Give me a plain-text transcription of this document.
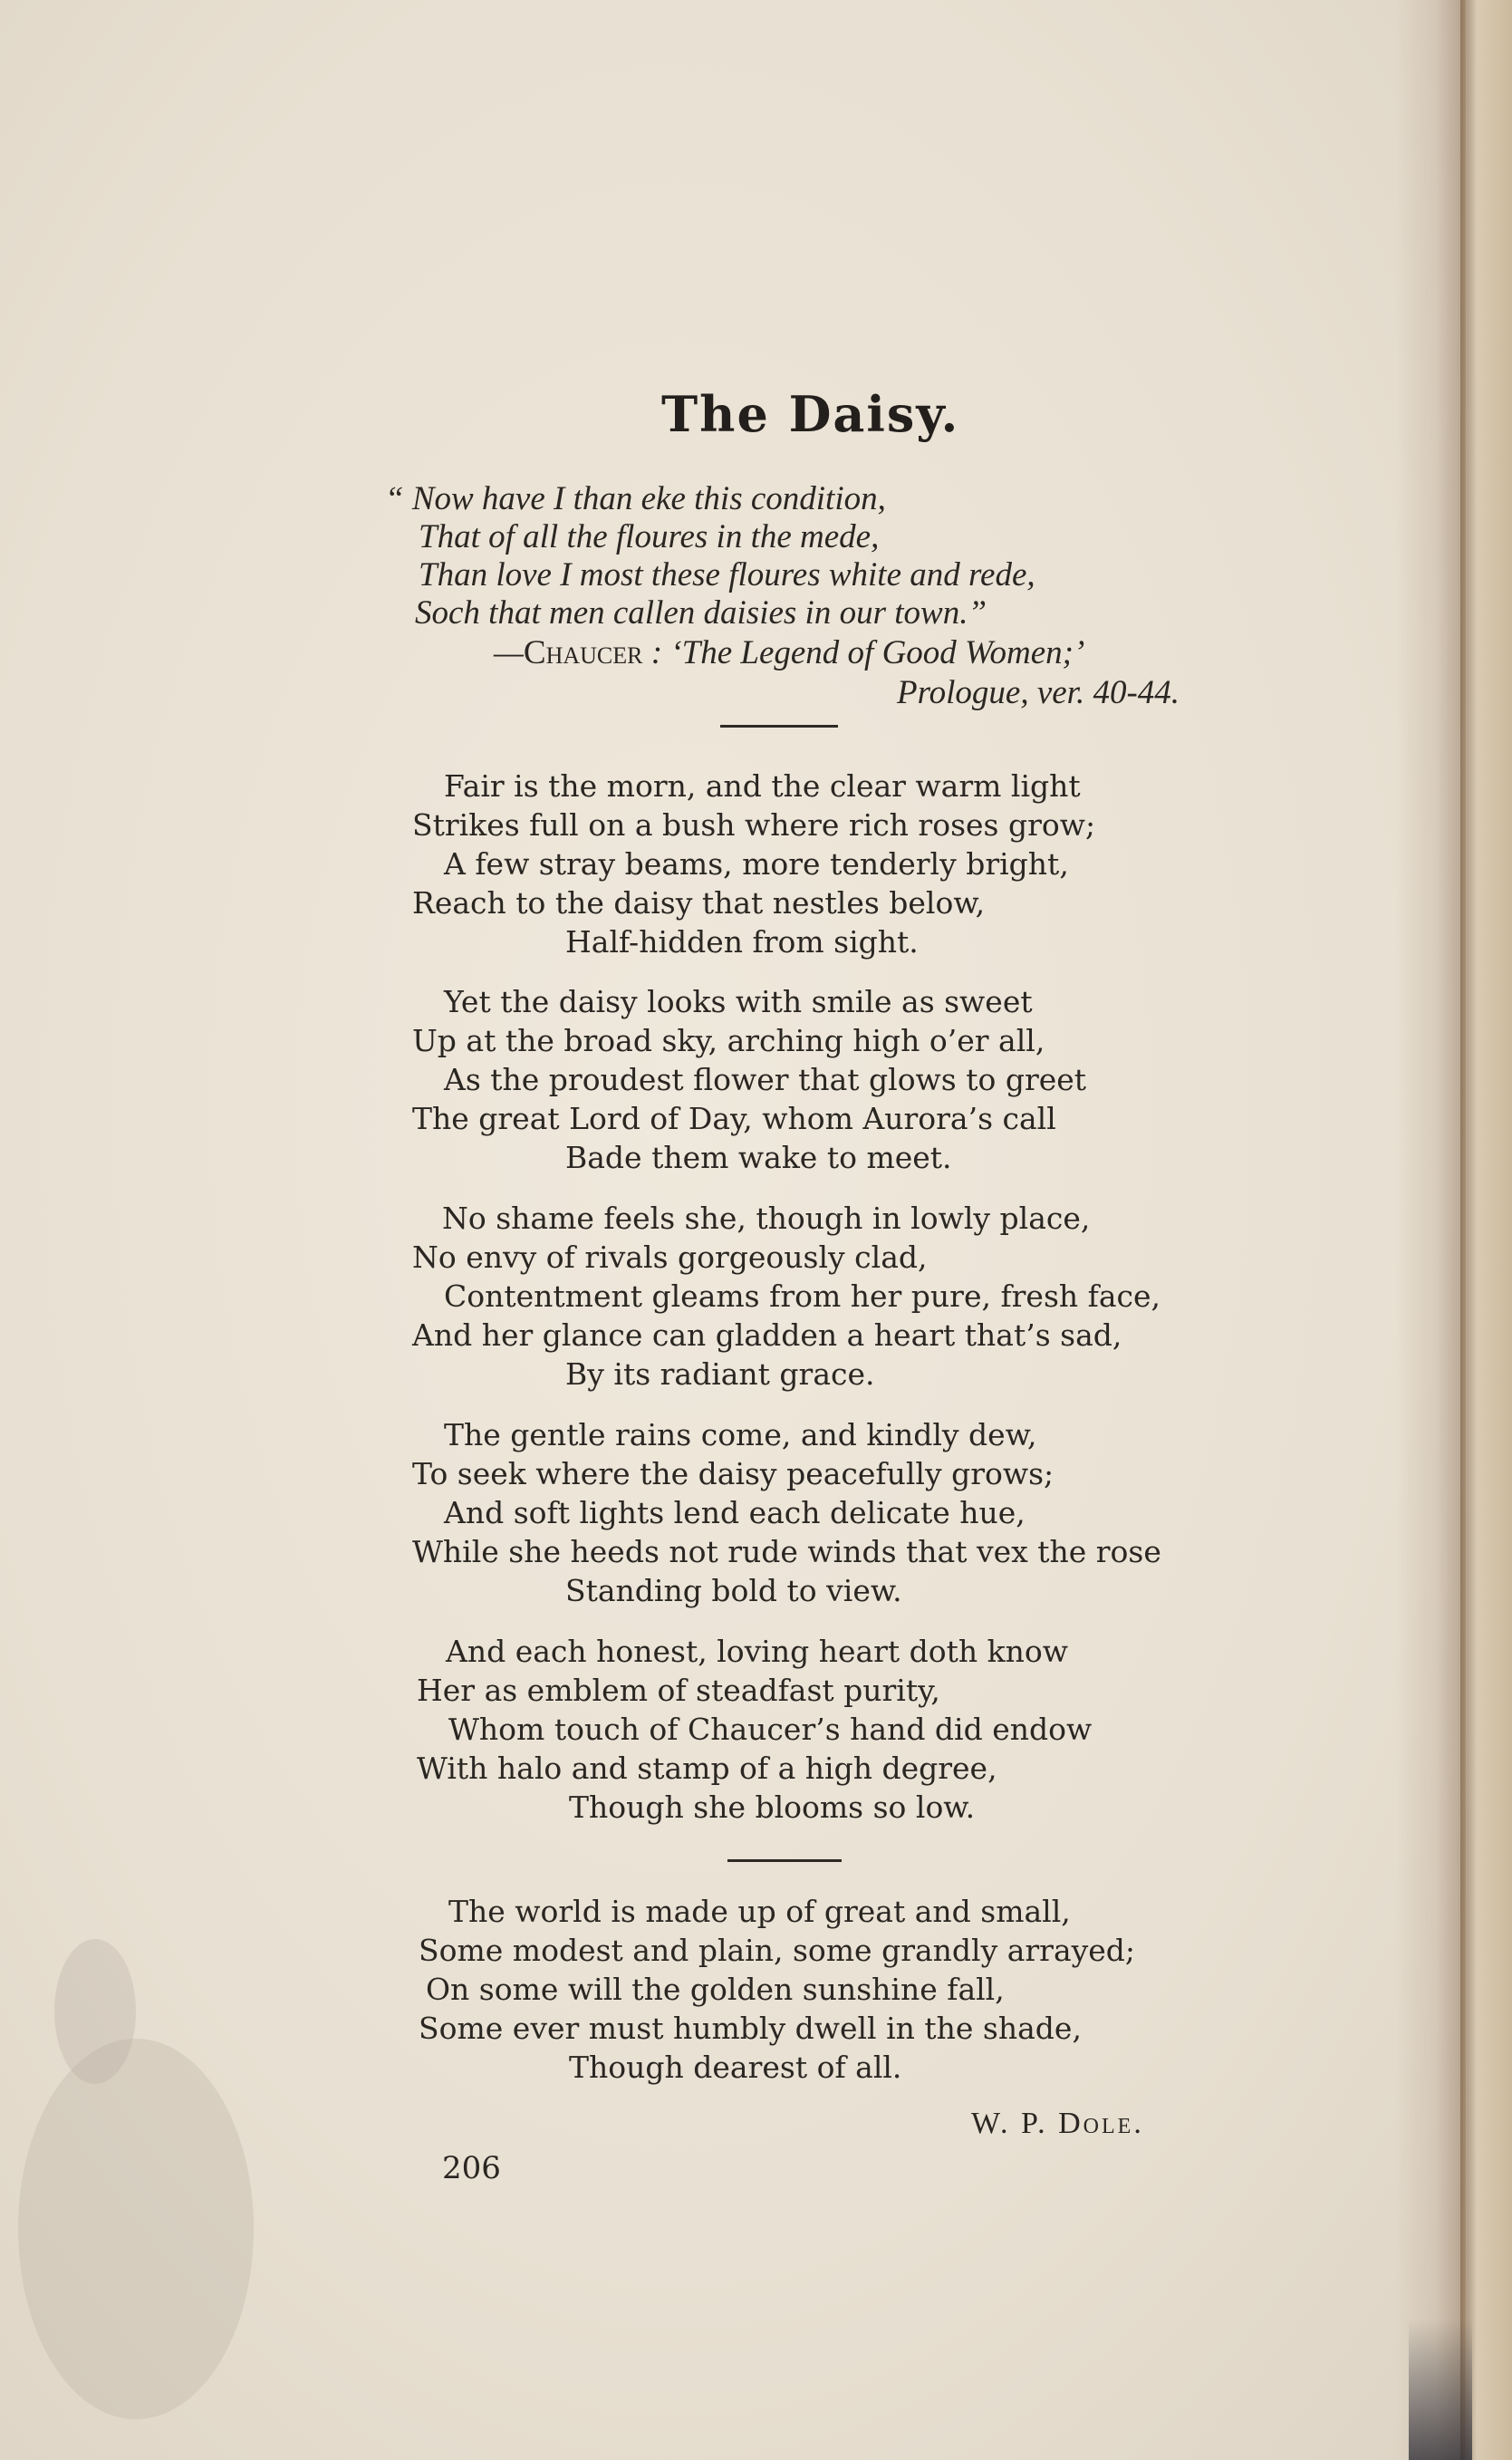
The Daisy.
“ Now have I than eke this condition,
That of all the floures in the mede,
Than love I most these floures white and rede,
Soch that men callen daisies in our town.”
—Chaucer : ‘The Legend of Good Women;’
Prologue, ver. 40-44.
Fair is the morn, and the clear warm light
Strikes full on a bush where rich roses grow;
A few stray beams, more tenderly bright,
Reach to the daisy that nestles below,
Half-hidden from sight.
Yet the daisy looks with smile as sweet
Up at the broad sky, arching high o’er all,
As the proudest flower that glows to greet
The great Lord of Day, whom Aurora’s call
Bade them wake to meet.
No shame feels she, though in lowly place,
No envy of rivals gorgeously clad,
Contentment gleams from her pure, fresh face,
And her glance can gladden a heart that’s sad,
By its radiant grace.
The gentle rains come, and kindly dew,
To seek where the daisy peacefully grows;
And soft lights lend each delicate hue,
While she heeds not rude winds that vex the rose
Standing bold to view.
And each honest, loving heart doth know
Her as emblem of steadfast purity,
Whom touch of Chaucer’s hand did endow
With halo and stamp of a high degree,
Though she blooms so low.
The world is made up of great and small,
Some modest and plain, some grandly arrayed;
On some will the golden sunshine fall,
Some ever must humbly dwell in the shade,
Though dearest of all.
W. P. Dole.
206
